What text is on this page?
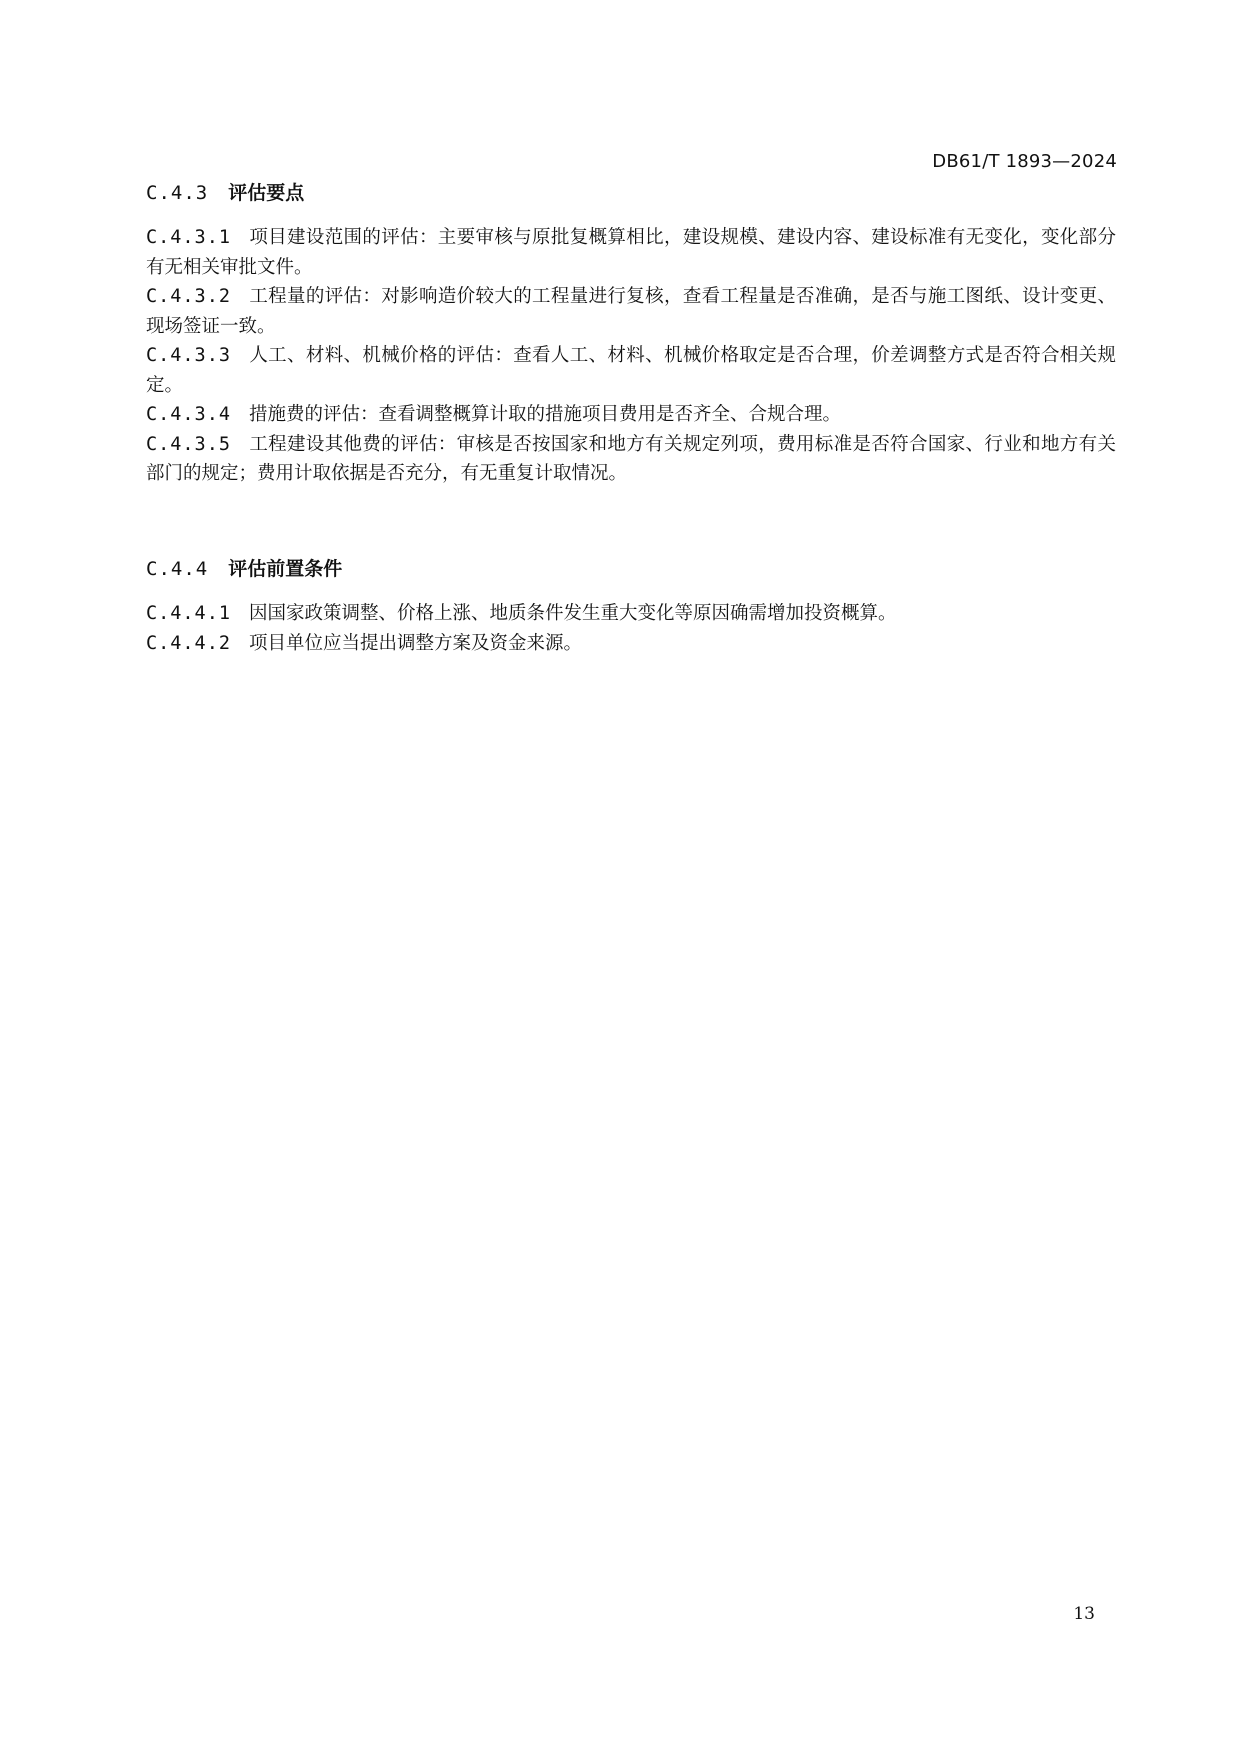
DB61/T 1893—2024
C.4.3 评估要点

C.4.3.1 项目建设范围的评估：主要审核与原批复概算相比，建设规模、建设内容、建设标准有无变化，变化部分有无相关审批文件。

C.4.3.2 工程量的评估：对影响造价较大的工程量进行复核，查看工程量是否准确，是否与施工图纸、设计变更、现场签证一致。

C.4.3.3 人工、材料、机械价格的评估：查看人工、材料、机械价格取定是否合理，价差调整方式是否符合相关规定。

C.4.3.4 措施费的评估：查看调整概算计取的措施项目费用是否齐全、合规合理。

C.4.3.5 工程建设其他费的评估：审核是否按国家和地方有关规定列项，费用标准是否符合国家、行业和地方有关部门的规定；费用计取依据是否充分，有无重复计取情况。

C.4.4 评估前置条件

C.4.4.1 因国家政策调整、价格上涨、地质条件发生重大变化等原因确需增加投资概算。

C.4.4.2 项目单位应当提出调整方案及资金来源。

13
